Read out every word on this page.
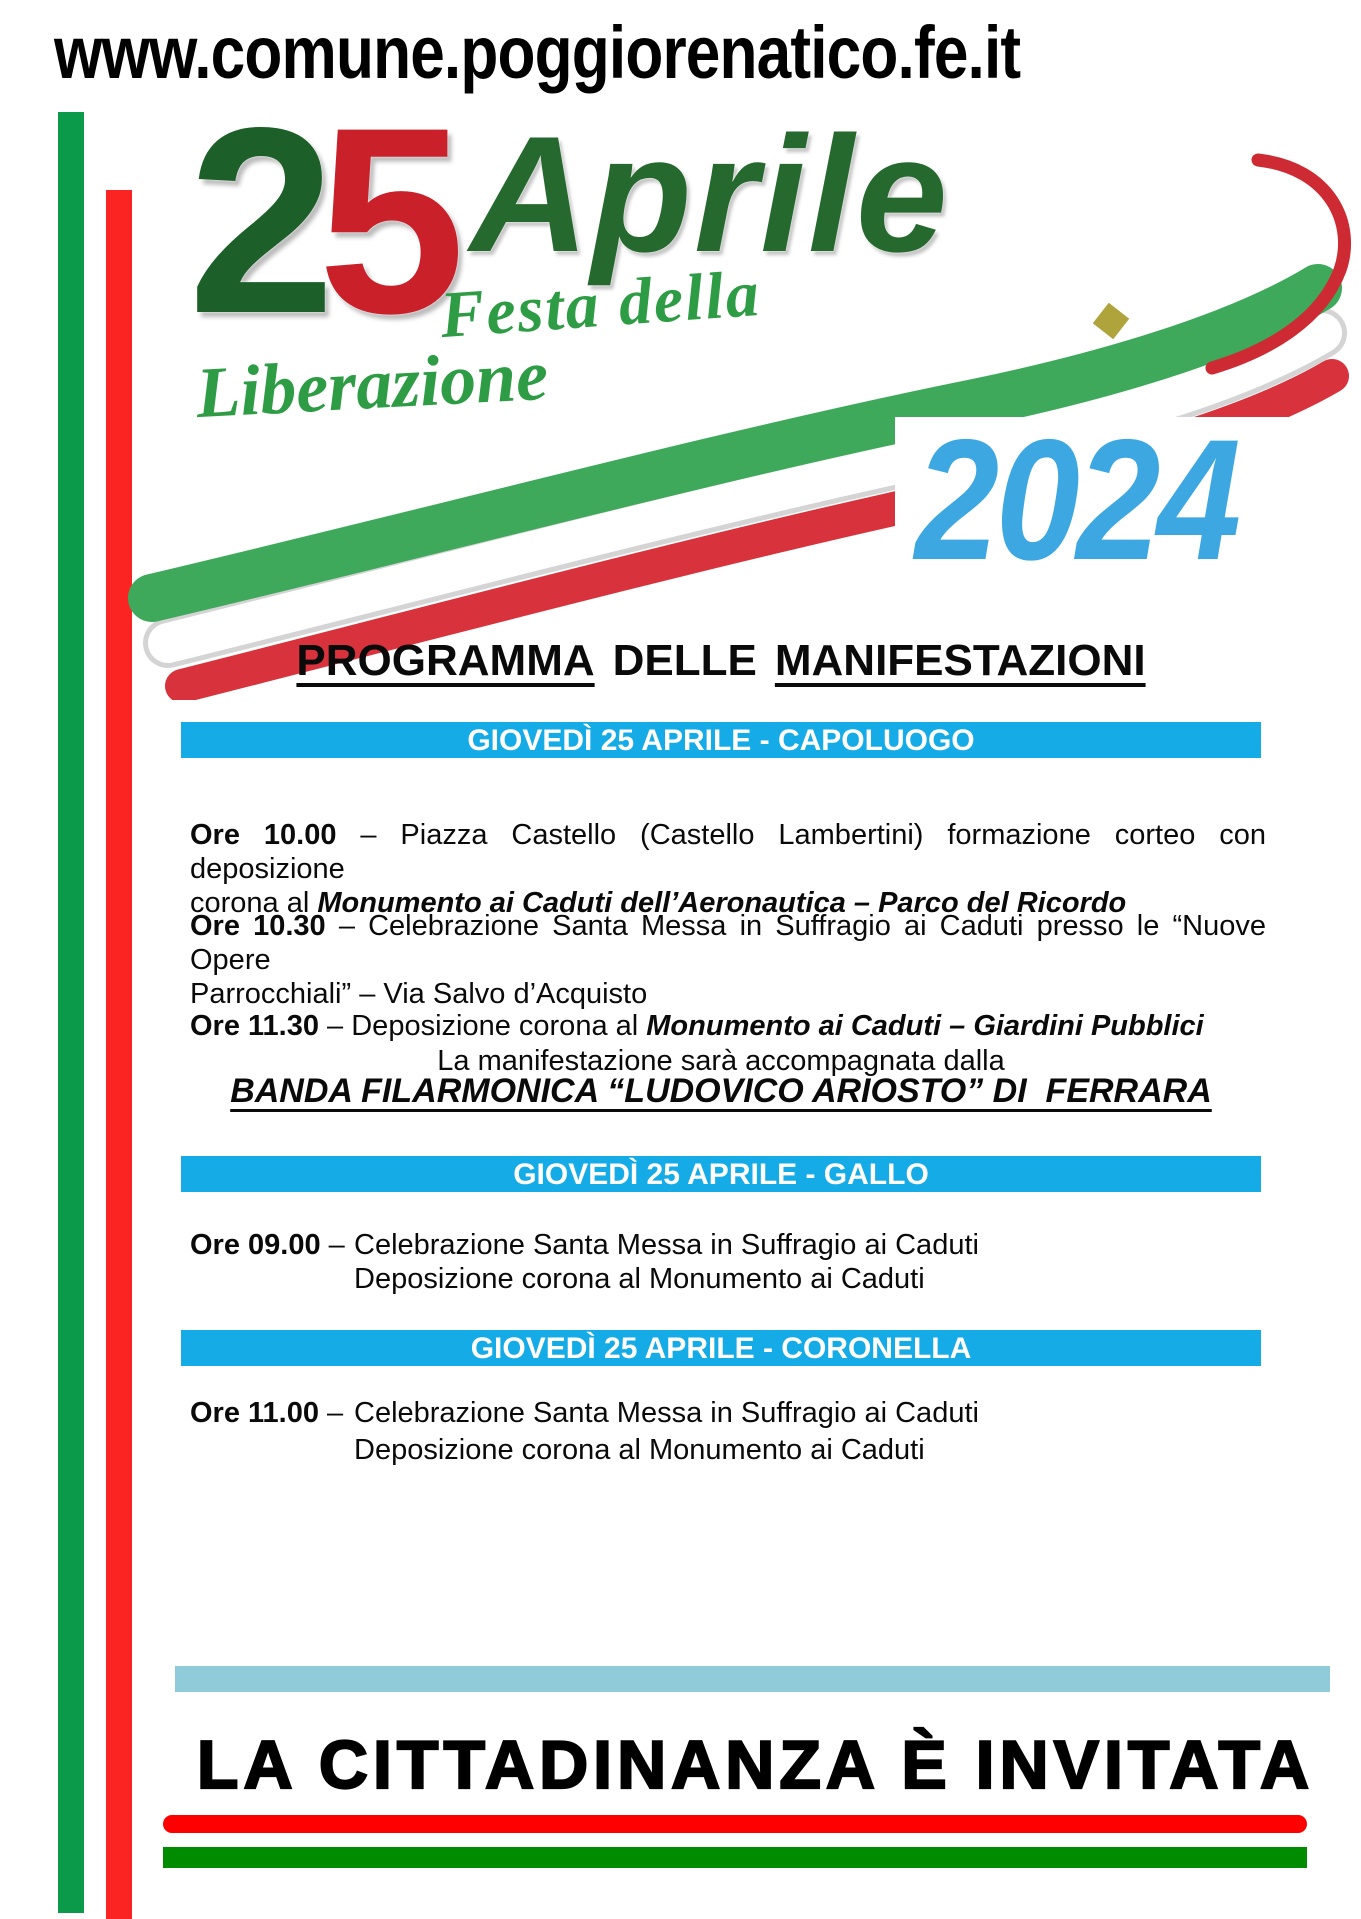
www.comune.poggiorenatico.fe.it
2
5 Aprile
Festa della
Liberazione
2024
PROGRAMMA DELLE MANIFESTAZIONI
GIOVEDÌ 25 APRILE - CAPOLUOGO

Ore 10.00 – Piazza Castello (Castello Lambertini) formazione corteo con deposizione
corona al Monumento ai Caduti dell’Aeronautica – Parco del Ricordo

Ore 10.30 – Celebrazione Santa Messa in Suffragio ai Caduti presso le “Nuove Opere
Parrocchiali” – Via Salvo d’Acquisto

Ore 11.30 – Deposizione corona al Monumento ai Caduti – Giardini Pubblici

La manifestazione sarà accompagnata dalla
BANDA FILARMONICA “LUDOVICO ARIOSTO” DI  FERRARA
GIOVEDÌ 25 APRILE - GALLO
Ore 09.00 – Celebrazione Santa Messa in Suffragio ai Caduti
Deposizione corona al Monumento ai Caduti
GIOVEDÌ 25 APRILE - CORONELLA
Ore 11.00 – Celebrazione Santa Messa in Suffragio ai Caduti
Deposizione corona al Monumento ai Caduti
LA CITTADINANZA È INVITATA
